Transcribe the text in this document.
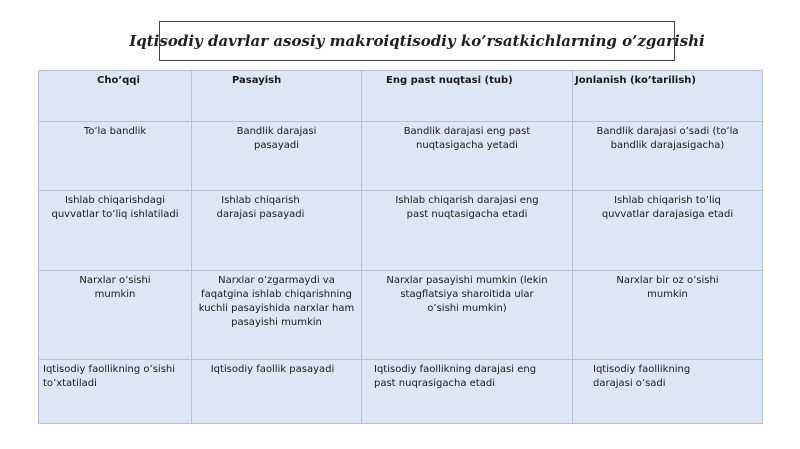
Iqtisodiy davrlar asosiy makroiqtisodiy ko’rsatkichlarning o’zgarishi
Cho’qqi	Pasayish	Eng past nuqtasi (tub)	Jonlanish (ko’tarilish)

To’la bandlik	Bandlik darajasi pasayadi	Bandlik darajasi eng past nuqtasigacha yetadi	Bandlik darajasi o’sadi (to’la bandlik darajasigacha)

Ishlab chiqarishdagi quvvatlar to’liq ishlatiladi	Ishlab chiqarish darajasi pasayadi	Ishlab chiqarish darajasi eng past nuqtasigacha etadi	Ishlab chiqarish to’liq quvvatlar darajasiga etadi

Narxlar o’sishi mumkin	Narxlar o’zgarmaydi va faqatgina ishlab chiqarishning kuchli pasayishida narxlar ham pasayishi mumkin	Narxlar pasayishi mumkin (lekin stagflatsiya sharoitida ular o’sishi mumkin)	Narxlar bir oz o’sishi mumkin

Iqtisodiy faollikning o’sishi to’xtatiladi	Iqtisodiy faollik pasayadi	Iqtisodiy faollikning darajasi eng past nuqrasigacha etadi	Iqtisodiy faollikning darajasi o’sadi
